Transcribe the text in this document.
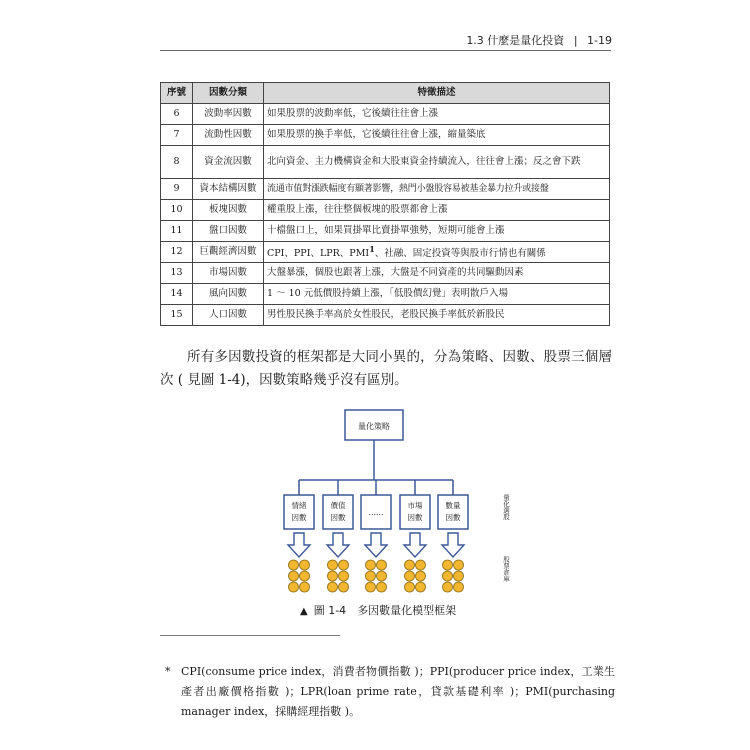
1.3 什麼是量化投資 | 1-19
序號	因數分類	特徵描述
6	波動率因數	如果股票的波動率低，它後續往往會上漲
7	流動性因數	如果股票的換手率低，它後續往往會上漲，縮量築底
8	資金流因數	北向資金、主力機構資金和大股東資金持續流入，往往會上漲；反之會下跌
9	資本結構因數	流通市值對漲跌幅度有顯著影響，熱門小盤股容易被基金暴力拉升或接盤
10	板塊因數	權重股上漲，往往整個板塊的股票都會上漲
11	盤口因數	十檔盤口上，如果買掛單比賣掛單強勢，短期可能會上漲
12	巨觀經濟因數	CPI、PPI、LPR、PMI$^1$、社融、固定投資等與股市行情也有關係
13	市場因數	大盤暴漲，個股也跟著上漲，大盤是不同資產的共同驅動因素
14	風向因數	1 ～ 10 元低價股持續上漲，「低股價幻覺」表明散戶入場
15	人口因數	男性股民換手率高於女性股民，老股民換手率低於新股民

所有多因數投資的框架都是大同小異的，分為策略、因數、股票三個層次 ( 見圖 1-4)，因數策略幾乎沒有區別。

量化策略
情緒
因數
價值
因數
……
市場
因數
數量
因數
量化選股
股票倉庫
▲ 圖 1-4　多因數量化模型框架
* CPI(consume price index，消費者物價指數 )；PPI(producer price index，工業生產者出廠價格指數 )；LPR(loan prime rate，貸款基礎利率 )；PMI(purchasing manager index，採購經理指數 )。
